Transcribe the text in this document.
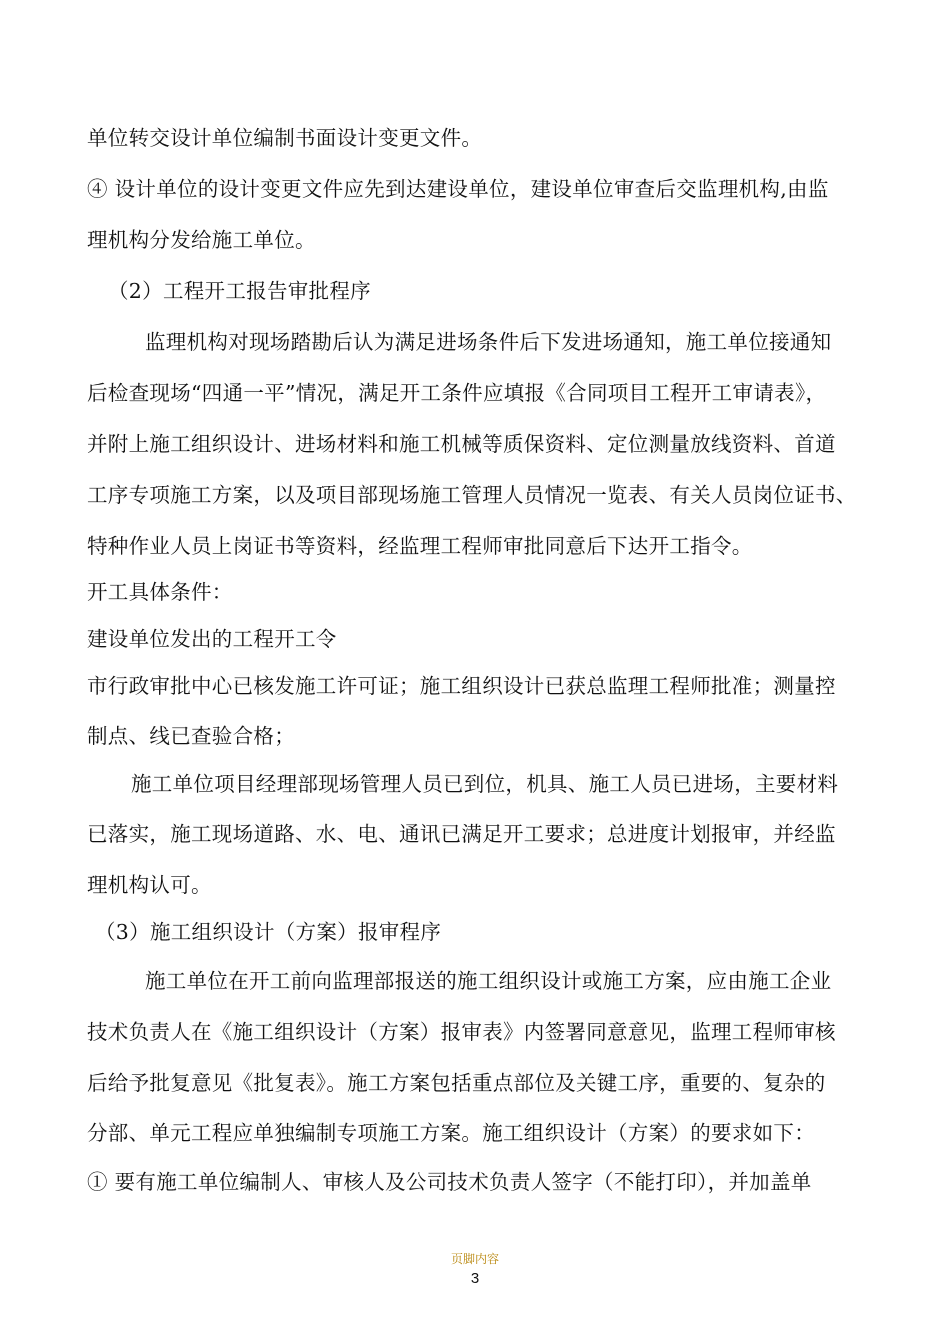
单位转交设计单位编制书面设计变更文件。
④ 设计单位的设计变更文件应先到达建设单位，建设单位审查后交监理机构,由监
理机构分发给施工单位。
（2）工程开工报告审批程序
监理机构对现场踏勘后认为满足进场条件后下发进场通知，施工单位接通知
后检查现场“四通一平”情况，满足开工条件应填报《合同项目工程开工审请表》，
并附上施工组织设计、进场材料和施工机械等质保资料、定位测量放线资料、首道
工序专项施工方案，以及项目部现场施工管理人员情况一览表、有关人员岗位证书、
特种作业人员上岗证书等资料，经监理工程师审批同意后下达开工指令。
开工具体条件：
建设单位发出的工程开工令
市行政审批中心已核发施工许可证；施工组织设计已获总监理工程师批准；测量控
制点、线已查验合格；
施工单位项目经理部现场管理人员已到位，机具、施工人员已进场，主要材料
已落实，施工现场道路、水、电、通讯已满足开工要求；总进度计划报审，并经监
理机构认可。
（3）施工组织设计（方案）报审程序
施工单位在开工前向监理部报送的施工组织设计或施工方案，应由施工企业
技术负责人在《施工组织设计（方案）报审表》内签署同意意见，监理工程师审核
后给予批复意见《批复表》。施工方案包括重点部位及关键工序，重要的、复杂的
分部、单元工程应单独编制专项施工方案。施工组织设计（方案）的要求如下：
① 要有施工单位编制人、审核人及公司技术负责人签字（不能打印），并加盖单
页脚内容
3
